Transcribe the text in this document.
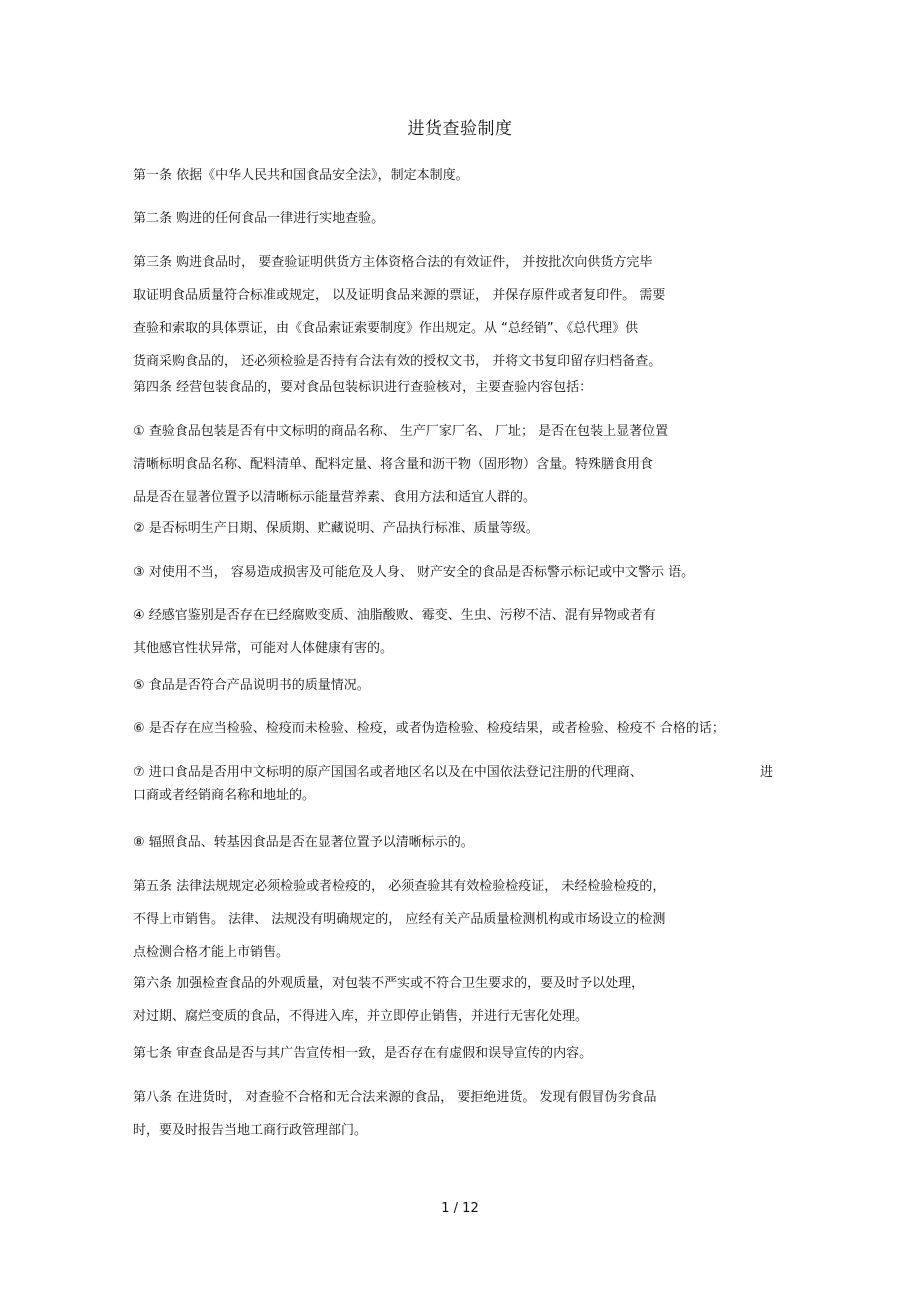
进货查验制度

第一条 依据《中华人民共和国食品安全法》，制定本制度。

第二条 购进的任何食品一律进行实地查验。

第三条 购进食品时， 要查验证明供货方主体资格合法的有效证件， 并按批次向供货方完毕
取证明食品质量符合标准或规定， 以及证明食品来源的票证， 并保存原件或者复印件。 需要
查验和索取的具体票证，由《食品索证索要制度》作出规定。从 “总经销”、《总代理》供
货商采购食品的， 还必须检验是否持有合法有效的授权文书， 并将文书复印留存归档备查。

第四条 经营包装食品的，要对食品包装标识进行查验核对，主要查验内容包括：

① 查验食品包装是否有中文标明的商品名称、 生产厂家厂名、 厂址； 是否在包装上显著位置
清晰标明食品名称、配料清单、配料定量、将含量和沥干物（固形物）含量。特殊膳食用食
品是否在显著位置予以清晰标示能量营养素、食用方法和适宜人群的。

② 是否标明生产日期、保质期、贮藏说明、产品执行标准、质量等级。

③ 对使用不当， 容易造成损害及可能危及人身、 财产安全的食品是否标警示标记或中文警示 语。

④ 经感官鉴别是否存在已经腐败变质、油脂酸败、霉变、生虫、污秽不洁、混有异物或者有
其他感官性状异常，可能对人体健康有害的。

⑤ 食品是否符合产品说明书的质量情况。

⑥ 是否存在应当检验、检疫而未检验、检疫，或者伪造检验、检疫结果，或者检验、检疫不 合格的话；

⑦ 进口食品是否用中文标明的原产国国名或者地区名以及在中国依法登记注册的代理商、	进
口商或者经销商名称和地址的。

⑧ 辐照食品、转基因食品是否在显著位置予以清晰标示的。

第五条 法律法规规定必须检验或者检疫的， 必须查验其有效检验检疫证， 未经检验检疫的，
不得上市销售。 法律、 法规没有明确规定的， 应经有关产品质量检测机构或市场设立的检测
点检测合格才能上市销售。

第六条 加强检查食品的外观质量，对包装不严实或不符合卫生要求的，要及时予以处理，
对过期、腐烂变质的食品，不得进入库，并立即停止销售，并进行无害化处理。

第七条 审查食品是否与其广告宣传相一致，是否存在有虚假和误导宣传的内容。

第八条 在进货时， 对查验不合格和无合法来源的食品， 要拒绝进货。 发现有假冒伪劣食品
时，要及时报告当地工商行政管理部门。

1 / 12
